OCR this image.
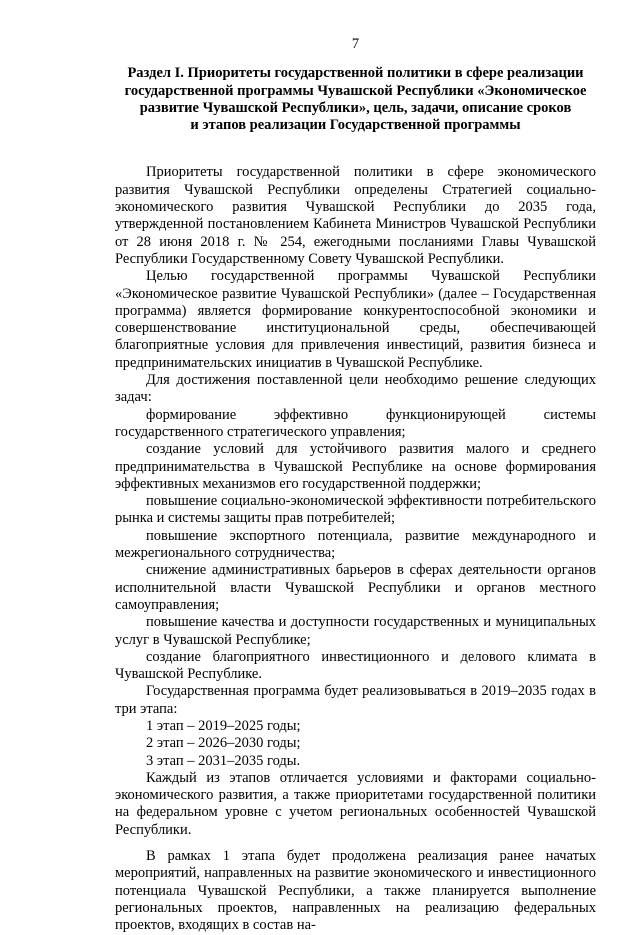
7
Раздел I. Приоритеты государственной политики в сфере реализации
государственной программы Чувашской Республики «Экономическое
развитие Чувашской Республики», цель, задачи, описание сроков
и этапов реализации Государственной программы

Приоритеты государственной политики в сфере экономического развития Чувашской Республики определены Стратегией социально-экономического развития Чувашской Республики до 2035 года, утвержденной постановлением Кабинета Министров Чувашской Республики от 28 июня 2018 г. № 254, ежегодными посланиями Главы Чувашской Республики Государственному Совету Чувашской Республики.

Целью государственной программы Чувашской Республики «Экономическое развитие Чувашской Республики» (далее – Государственная программа) является формирование конкурентоспособной экономики и совершенствование институциональной среды, обеспечивающей благоприятные условия для привлечения инвестиций, развития бизнеса и предпринимательских инициатив в Чувашской Республике.

Для достижения поставленной цели необходимо решение следующих задач:

формирование эффективно функционирующей системы государственного стратегического управления;

создание условий для устойчивого развития малого и среднего предпринимательства в Чувашской Республике на основе формирования эффективных механизмов его государственной поддержки;

повышение социально-экономической эффективности потребительского рынка и системы защиты прав потребителей;

повышение экспортного потенциала, развитие международного и межрегионального сотрудничества;

снижение административных барьеров в сферах деятельности органов исполнительной власти Чувашской Республики и органов местного самоуправления;

повышение качества и доступности государственных и муниципальных услуг в Чувашской Республике;

создание благоприятного инвестиционного и делового климата в Чувашской Республике.

Государственная программа будет реализовываться в 2019–2035 годах в три этапа:

1 этап – 2019–2025 годы;

2 этап – 2026–2030 годы;

3 этап – 2031–2035 годы.

Каждый из этапов отличается условиями и факторами социально-экономического развития, а также приоритетами государственной политики на федеральном уровне с учетом региональных особенностей Чувашской Республики.

В рамках 1 этапа будет продолжена реализация ранее начатых мероприятий, направленных на развитие экономического и инвестиционного потенциала Чувашской Республики, а также планируется выполнение региональных проектов, направленных на реализацию федеральных проектов, входящих в состав на-
